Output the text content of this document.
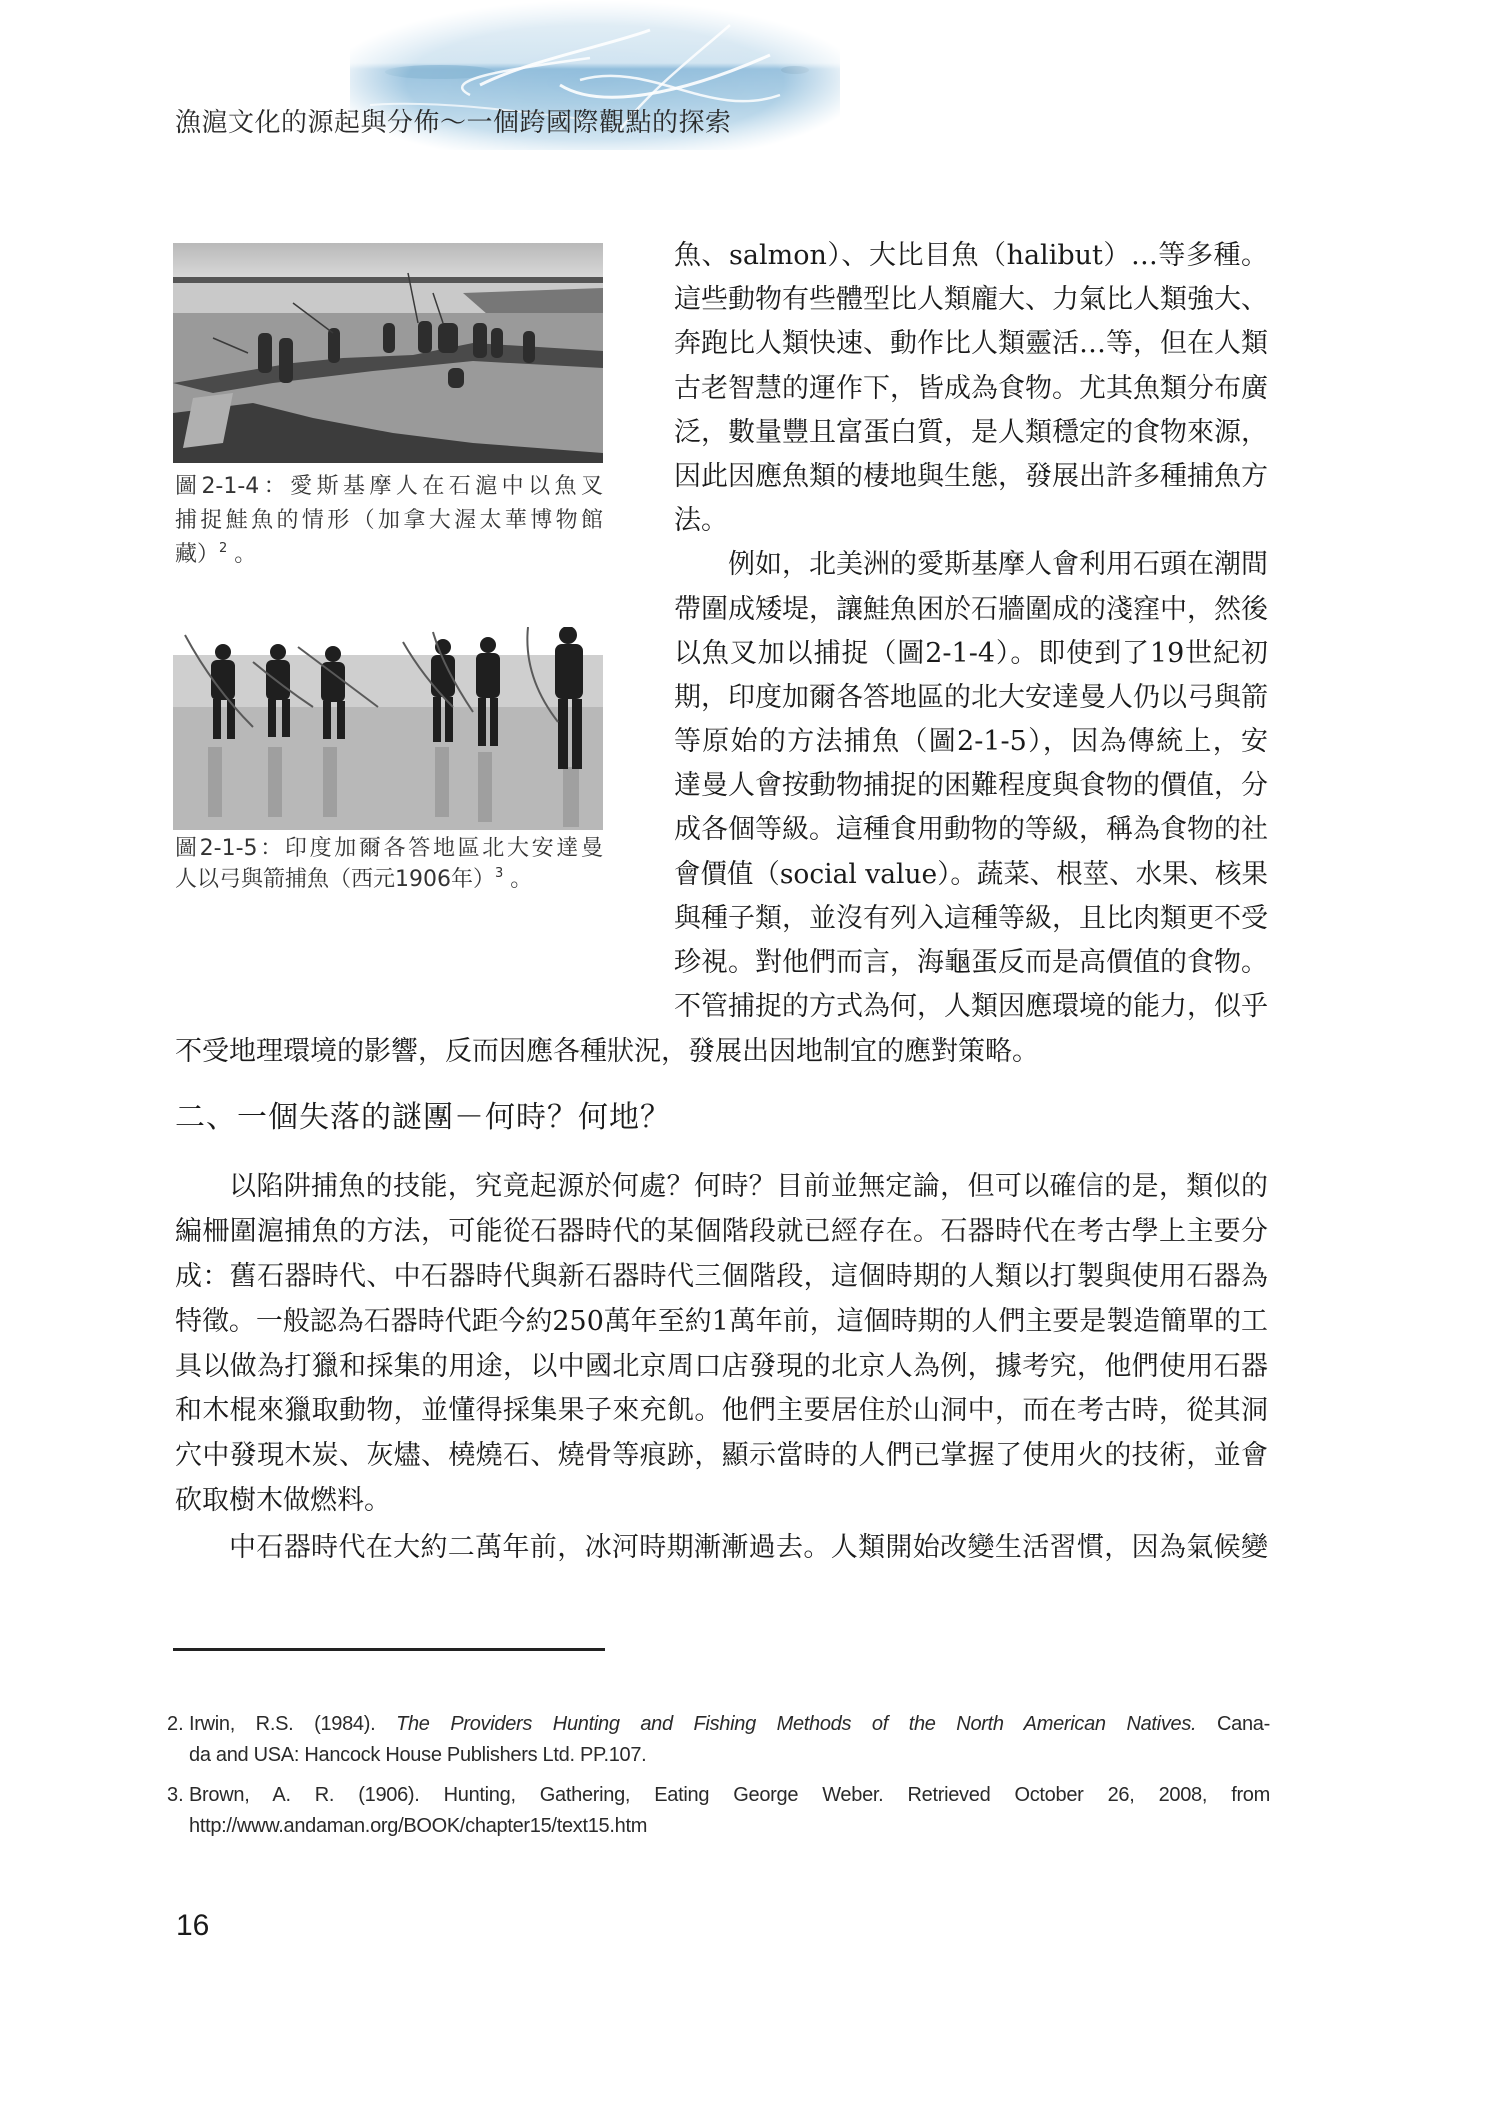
漁滬文化的源起與分佈～一個跨國際觀點的探索
圖2-1-4：愛斯基摩人在石滬中以魚叉
捕捉鮭魚的情形（加拿大渥太華博物館
藏）$^2$ 。
圖2-1-5：印度加爾各答地區北大安達曼
人以弓與箭捕魚（西元1906年）$^3$ 。
魚、salmon）、大比目魚（halibut）…等多種。
這些動物有些體型比人類龐大、力氣比人類強大、
奔跑比人類快速、動作比人類靈活…等，但在人類
古老智慧的運作下，皆成為食物。尤其魚類分布廣
泛，數量豐且富蛋白質，是人類穩定的食物來源，
因此因應魚類的棲地與生態，發展出許多種捕魚方
法。
例如，北美洲的愛斯基摩人會利用石頭在潮間
帶圍成矮堤，讓鮭魚困於石牆圍成的淺窪中，然後
以魚叉加以捕捉（圖2-1-4）。即使到了19世紀初
期，印度加爾各答地區的北大安達曼人仍以弓與箭
等原始的方法捕魚（圖2-1-5），因為傳統上，安
達曼人會按動物捕捉的困難程度與食物的價值，分
成各個等級。這種食用動物的等級，稱為食物的社
會價值（social value）。蔬菜、根莖、水果、核果
與種子類，並沒有列入這種等級，且比肉類更不受
珍視。對他們而言，海龜蛋反而是高價值的食物。
不管捕捉的方式為何，人類因應環境的能力，似乎
不受地理環境的影響，反而因應各種狀況，發展出因地制宜的應對策略。
二、一個失落的謎團－何時？何地？
以陷阱捕魚的技能，究竟起源於何處？何時？目前並無定論，但可以確信的是，類似的
編柵圍滬捕魚的方法，可能從石器時代的某個階段就已經存在。石器時代在考古學上主要分
成：舊石器時代、中石器時代與新石器時代三個階段，這個時期的人類以打製與使用石器為
特徵。一般認為石器時代距今約250萬年至約1萬年前，這個時期的人們主要是製造簡單的工
具以做為打獵和採集的用途，以中國北京周口店發現的北京人為例，據考究，他們使用石器
和木棍來獵取動物，並懂得採集果子來充飢。他們主要居住於山洞中，而在考古時，從其洞
穴中發現木炭、灰燼、橈燒石、燒骨等痕跡，顯示當時的人們已掌握了使用火的技術，並會
砍取樹木做燃料。
中石器時代在大約二萬年前，冰河時期漸漸過去。人類開始改變生活習慣，因為氣候變
2. Irwin, R.S. (1984). The Providers Hunting and Fishing Methods of the North American Natives. Cana-
da and USA: Hancock House Publishers Ltd. PP.107.
3. Brown, A. R. (1906). Hunting, Gathering, Eating George Weber. Retrieved October 26, 2008, from
http://www.andaman.org/BOOK/chapter15/text15.htm
16
